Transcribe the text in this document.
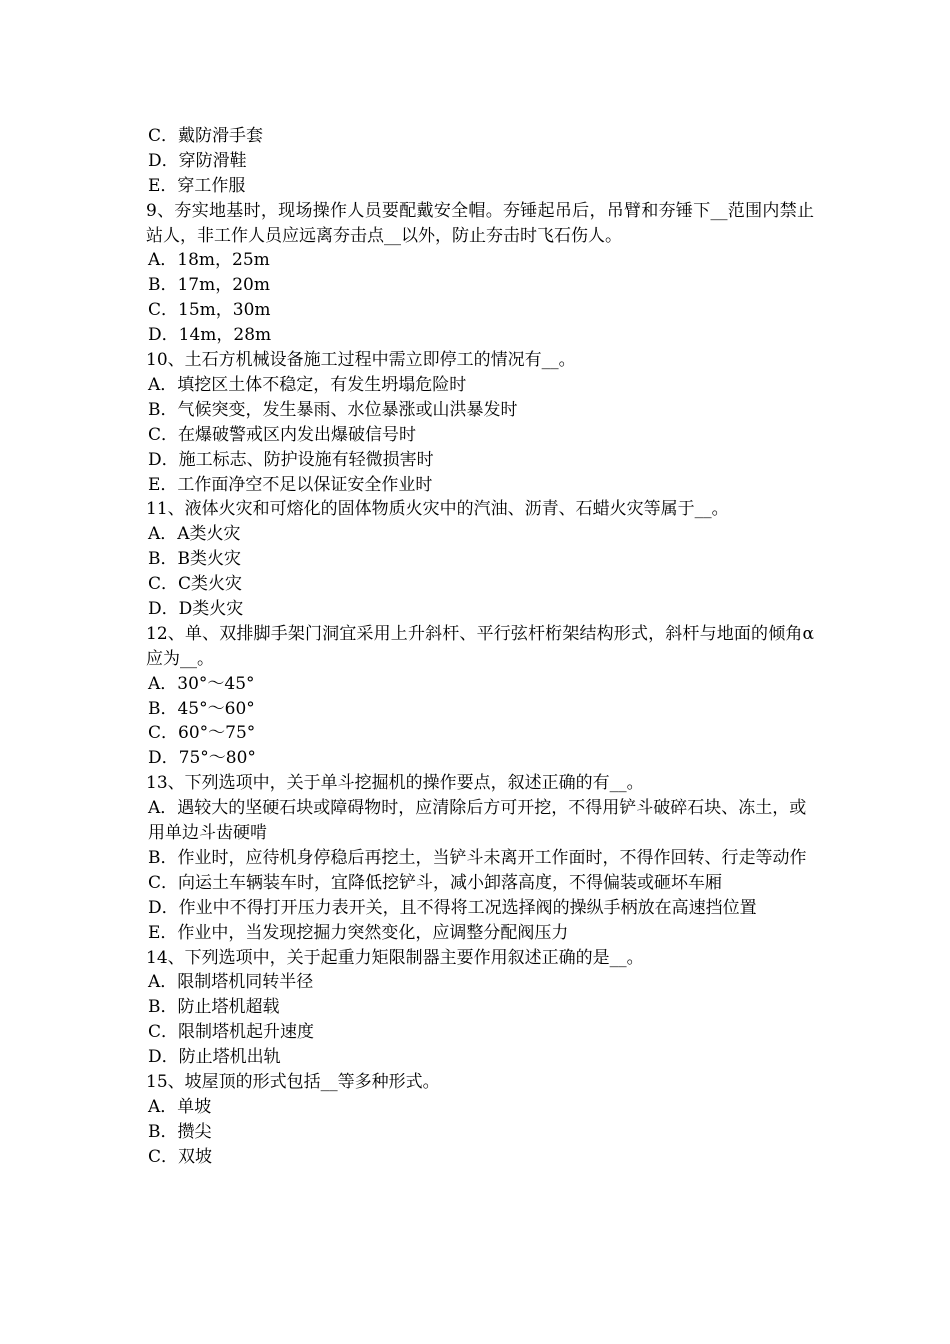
C．戴防滑手套
D．穿防滑鞋
E．穿工作服
9、夯实地基时，现场操作人员要配戴安全帽。夯锤起吊后，吊臂和夯锤下__范围内禁止站人，非工作人员应远离夯击点__以外，防止夯击时飞石伤人。
A．18m，25m
B．17m，20m
C．15m，30m
D．14m，28m
10、土石方机械设备施工过程中需立即停工的情况有__。
A．填挖区土体不稳定，有发生坍塌危险时
B．气候突变，发生暴雨、水位暴涨或山洪暴发时
C．在爆破警戒区内发出爆破信号时
D．施工标志、防护设施有轻微损害时
E．工作面净空不足以保证安全作业时
11、液体火灾和可熔化的固体物质火灾中的汽油、沥青、石蜡火灾等属于__。
A．A类火灾
B．B类火灾
C．C类火灾
D．D类火灾
12、单、双排脚手架门洞宜采用上升斜杆、平行弦杆桁架结构形式，斜杆与地面的倾角α应为__。
A．30°～45°
B．45°～60°
C．60°～75°
D．75°～80°
13、下列选项中，关于单斗挖掘机的操作要点，叙述正确的有__。
A．遇较大的坚硬石块或障碍物时，应清除后方可开挖，不得用铲斗破碎石块、冻土，或用单边斗齿硬啃
B．作业时，应待机身停稳后再挖土，当铲斗未离开工作面时，不得作回转、行走等动作
C．向运土车辆装车时，宜降低挖铲斗，减小卸落高度，不得偏装或砸坏车厢
D．作业中不得打开压力表开关，且不得将工况选择阀的操纵手柄放在高速挡位置
E．作业中，当发现挖掘力突然变化，应调整分配阀压力
14、下列选项中，关于起重力矩限制器主要作用叙述正确的是__。
A．限制塔机同转半径
B．防止塔机超载
C．限制塔机起升速度
D．防止塔机出轨
15、坡屋顶的形式包括__等多种形式。
A．单坡
B．攒尖
C．双坡
